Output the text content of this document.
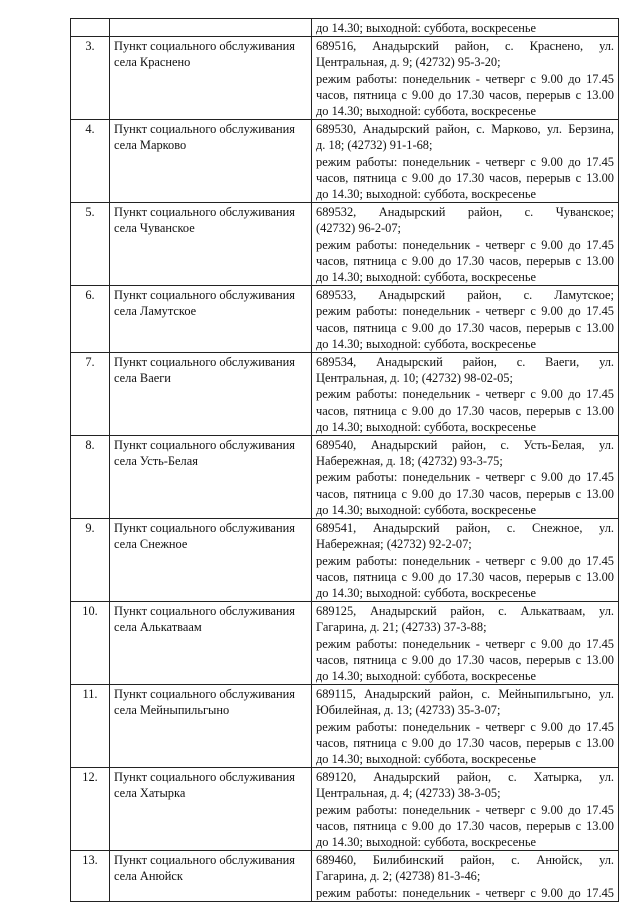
		до 14.30; выходной: суббота, воскресенье

3.	Пункт социального обслуживания
села Краснено	689516, Анадырский район, с. Краснено, ул.
Центральная, д. 9; (42732) 95-3-20;
режим работы: понедельник - четверг с 9.00 до 17.45
часов, пятница с 9.00 до 17.30 часов, перерыв с 13.00
до 14.30; выходной: суббота, воскресенье

4.	Пункт социального обслуживания
села Марково	689530, Анадырский район, с. Марково, ул. Берзина,
д. 18; (42732) 91-1-68;
режим работы: понедельник - четверг с 9.00 до 17.45
часов, пятница с 9.00 до 17.30 часов, перерыв с 13.00
до 14.30; выходной: суббота, воскресенье

5.	Пункт социального обслуживания
села Чуванское	689532, Анадырский район, с. Чуванское;
(42732) 96-2-07;
режим работы: понедельник - четверг с 9.00 до 17.45
часов, пятница с 9.00 до 17.30 часов, перерыв с 13.00
до 14.30; выходной: суббота, воскресенье

6.	Пункт социального обслуживания
села Ламутское	689533, Анадырский район, с. Ламутское;
режим работы: понедельник - четверг с 9.00 до 17.45
часов, пятница с 9.00 до 17.30 часов, перерыв с 13.00
до 14.30; выходной: суббота, воскресенье

7.	Пункт социального обслуживания
села Ваеги	689534, Анадырский район, с. Ваеги, ул.
Центральная, д. 10; (42732) 98-02-05;
режим работы: понедельник - четверг с 9.00 до 17.45
часов, пятница с 9.00 до 17.30 часов, перерыв с 13.00
до 14.30; выходной: суббота, воскресенье

8.	Пункт социального обслуживания
села Усть-Белая	689540, Анадырский район, с. Усть-Белая, ул.
Набережная, д. 18; (42732) 93-3-75;
режим работы: понедельник - четверг с 9.00 до 17.45
часов, пятница с 9.00 до 17.30 часов, перерыв с 13.00
до 14.30; выходной: суббота, воскресенье

9.	Пункт социального обслуживания
села Снежное	689541, Анадырский район, с. Снежное, ул.
Набережная; (42732) 92-2-07;
режим работы: понедельник - четверг с 9.00 до 17.45
часов, пятница с 9.00 до 17.30 часов, перерыв с 13.00
до 14.30; выходной: суббота, воскресенье

10.	Пункт социального обслуживания
села Алькатваам	689125, Анадырский район, с. Алькатваам, ул.
Гагарина, д. 21; (42733) 37-3-88;
режим работы: понедельник - четверг с 9.00 до 17.45
часов, пятница с 9.00 до 17.30 часов, перерыв с 13.00
до 14.30; выходной: суббота, воскресенье

11.	Пункт социального обслуживания
села Мейныпильгыно	689115, Анадырский район, с. Мейныпильгыно, ул.
Юбилейная, д. 13; (42733) 35-3-07;
режим работы: понедельник - четверг с 9.00 до 17.45
часов, пятница с 9.00 до 17.30 часов, перерыв с 13.00
до 14.30; выходной: суббота, воскресенье

12.	Пункт социального обслуживания
села Хатырка	689120, Анадырский район, с. Хатырка, ул.
Центральная, д. 4; (42733) 38-3-05;
режим работы: понедельник - четверг с 9.00 до 17.45
часов, пятница с 9.00 до 17.30 часов, перерыв с 13.00
до 14.30; выходной: суббота, воскресенье

13.	Пункт социального обслуживания
села Анюйск	689460, Билибинский район, с. Анюйск, ул.
Гагарина, д. 2; (42738) 81-3-46;
режим работы: понедельник - четверг с 9.00 до 17.45
